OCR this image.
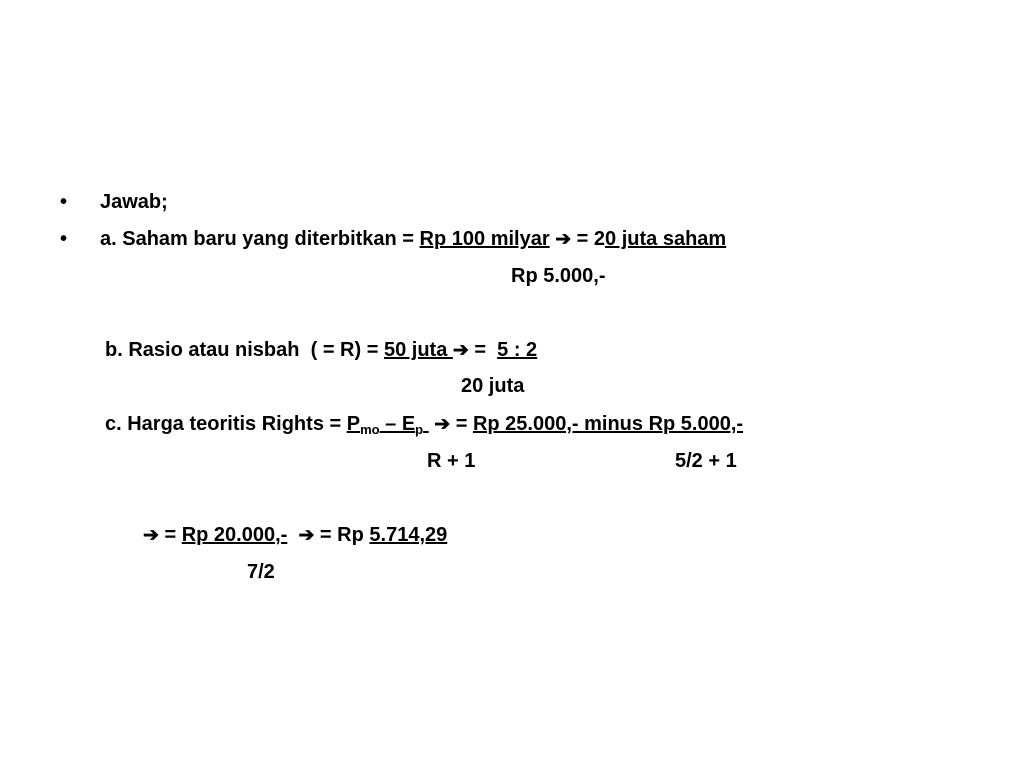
•
•
Jawab;
a. Saham baru yang diterbitkan = Rp 100 milyar ➔ = 20 juta saham
Rp 5.000,-
b. Rasio atau nisbah  ( = R) = 50 juta ➔ =  5 : 2
20 juta
c. Harga teoritis Rights = $P_{mo} - E_p$ ➔ = Rp 25.000,- minus Rp 5.000,-
R + 1	5/2 + 1
➔ = Rp 20.000,- ➔ = Rp 5.714,29
7/2
